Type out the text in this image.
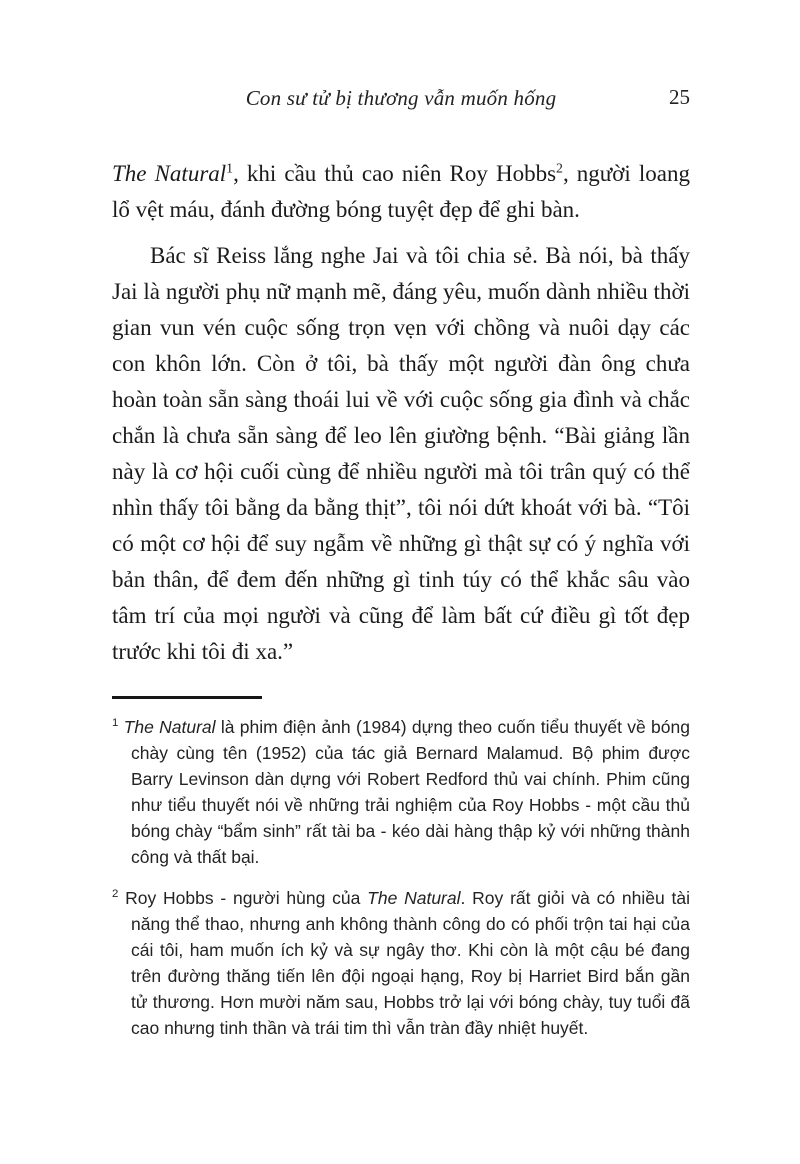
Con sư tử bị thương vẫn muốn hống	25

The Natural$^1$, khi cầu thủ cao niên Roy Hobbs$^2$, người loang lổ vệt máu, đánh đường bóng tuyệt đẹp để ghi bàn.

Bác sĩ Reiss lắng nghe Jai và tôi chia sẻ. Bà nói, bà thấy Jai là người phụ nữ mạnh mẽ, đáng yêu, muốn dành nhiều thời gian vun vén cuộc sống trọn vẹn với chồng và nuôi dạy các con khôn lớn. Còn ở tôi, bà thấy một người đàn ông chưa hoàn toàn sẵn sàng thoái lui về với cuộc sống gia đình và chắc chắn là chưa sẵn sàng để leo lên giường bệnh. “Bài giảng lần này là cơ hội cuối cùng để nhiều người mà tôi trân quý có thể nhìn thấy tôi bằng da bằng thịt”, tôi nói dứt khoát với bà. “Tôi có một cơ hội để suy ngẫm về những gì thật sự có ý nghĩa với bản thân, để đem đến những gì tinh túy có thể khắc sâu vào tâm trí của mọi người và cũng để làm bất cứ điều gì tốt đẹp trước khi tôi đi xa.”

$^1$ The Natural là phim điện ảnh (1984) dựng theo cuốn tiểu thuyết về bóng chày cùng tên (1952) của tác giả Bernard Malamud. Bộ phim được Barry Levinson dàn dựng với Robert Redford thủ vai chính. Phim cũng như tiểu thuyết nói về những trải nghiệm của Roy Hobbs - một cầu thủ bóng chày “bẩm sinh” rất tài ba - kéo dài hàng thập kỷ với những thành công và thất bại.

$^2$ Roy Hobbs - người hùng của The Natural. Roy rất giỏi và có nhiều tài năng thể thao, nhưng anh không thành công do có phối trộn tai hại của cái tôi, ham muốn ích kỷ và sự ngây thơ. Khi còn là một cậu bé đang trên đường thăng tiến lên đội ngoại hạng, Roy bị Harriet Bird bắn gần tử thương. Hơn mười năm sau, Hobbs trở lại với bóng chày, tuy tuổi đã cao nhưng tinh thần và trái tim thì vẫn tràn đầy nhiệt huyết.
